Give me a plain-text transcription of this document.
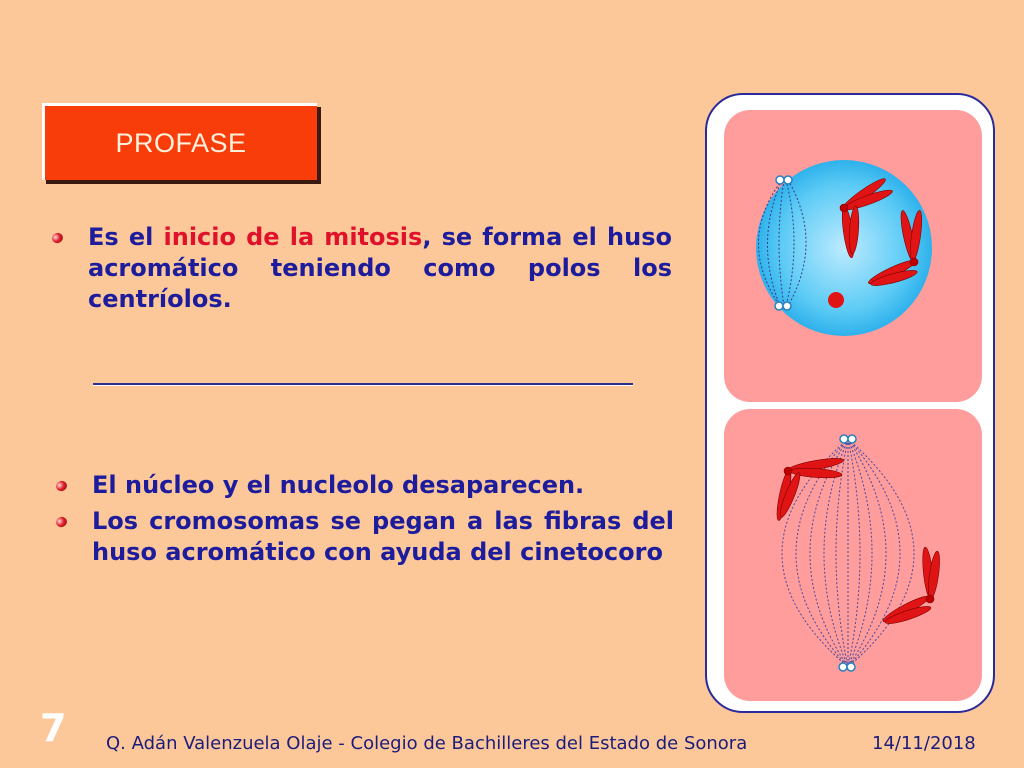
PROFASE

Es el inicio de la mitosis, se forma el huso acromático teniendo como polos los centríolos.

El núcleo y el nucleolo desaparecen.

Los cromosomas se pegan a las fibras del huso acromático con ayuda del cinetocoro

7 Q. Adán Valenzuela Olaje - Colegio de Bachilleres del Estado de Sonora	14/11/2018
